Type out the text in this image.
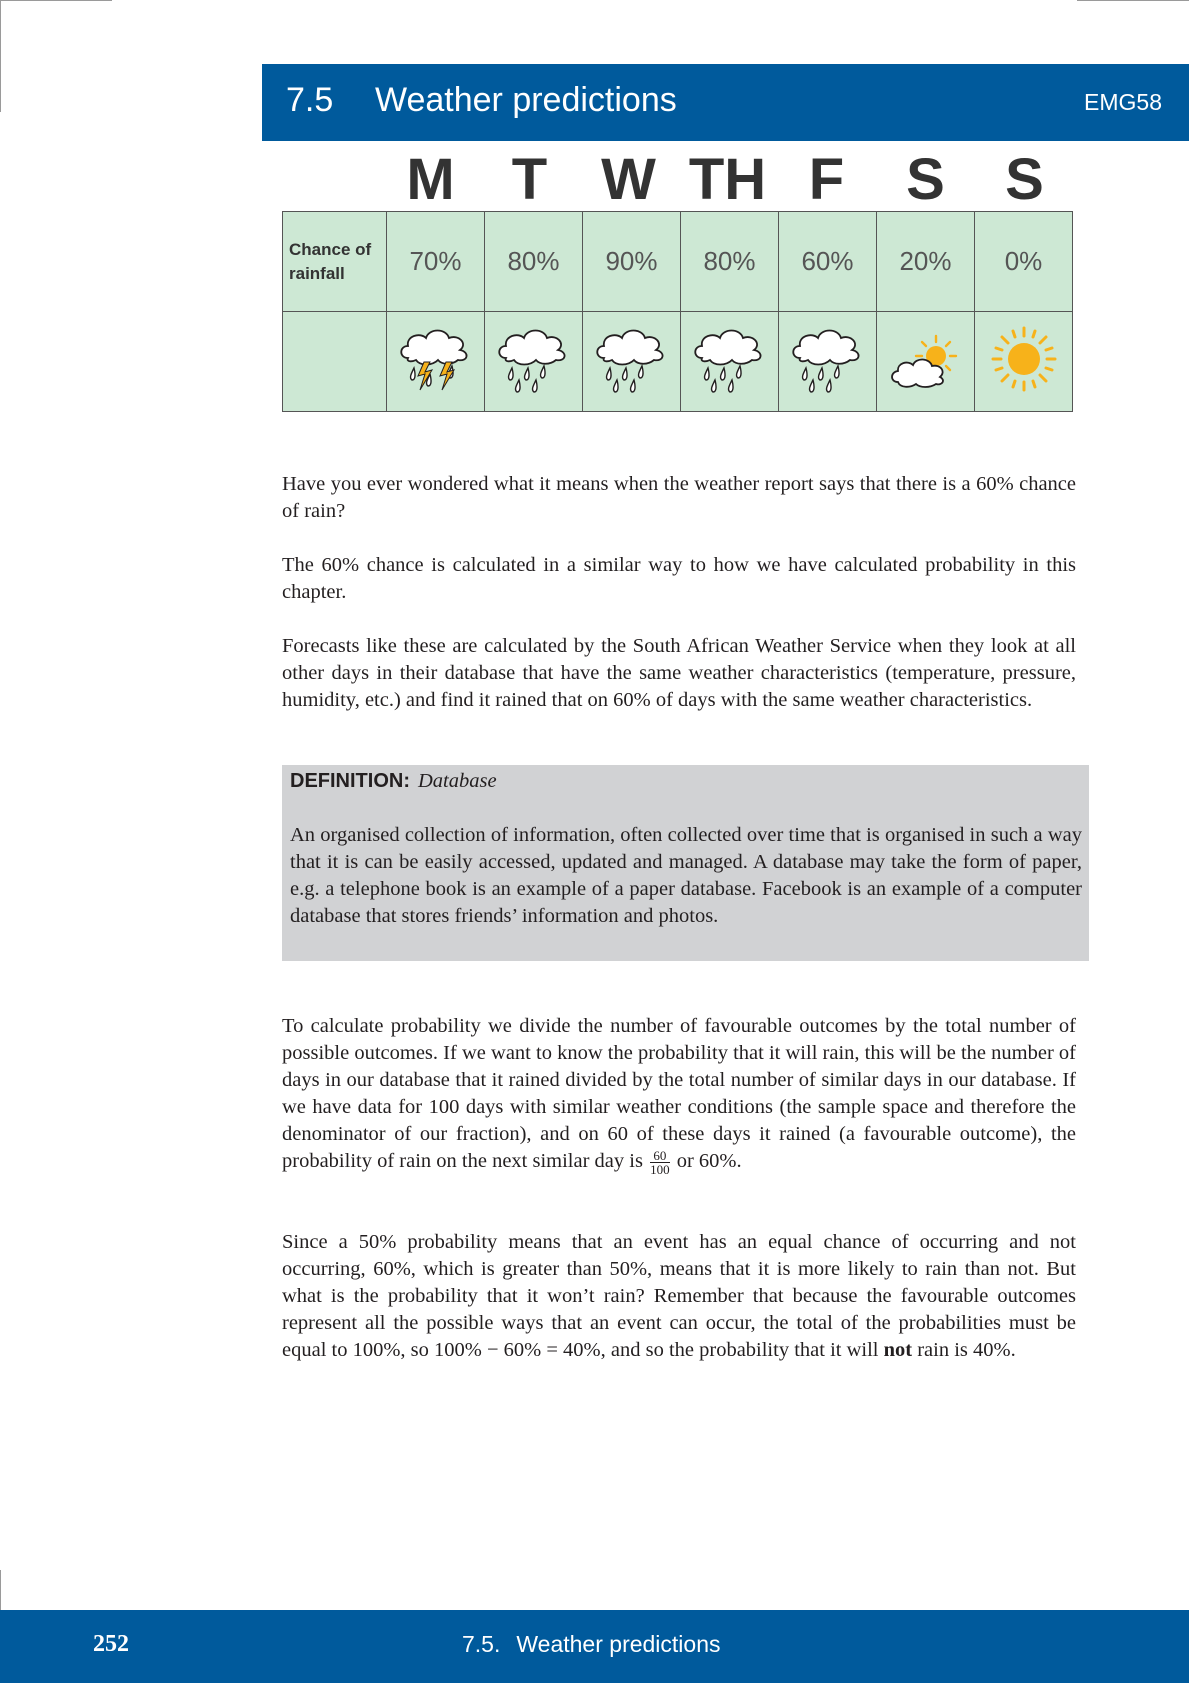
7.5 Weather predictions	EMG58
M T W TH F	S	S
Chance of rainfall	70%	80%	90%	80%	60%	20%	0%

Have you ever wondered what it means when the weather report says that there is a 60% chance of rain?

The 60% chance is calculated in a similar way to how we have calculated probability in this chapter.

Forecasts like these are calculated by the South African Weather Service when they look at all other days in their database that have the same weather characteristics (temperature, pressure, humidity, etc.) and find it rained that on 60% of days with the same weather characteristics.

DEFINITION: Database

An organised collection of information, often collected over time that is organised in such a way that it is can be easily accessed, updated and managed. A database may take the form of paper, e.g. a telephone book is an example of a paper database. Facebook is an example of a computer database that stores friends’ information and photos.

To calculate probability we divide the number of favourable outcomes by the total number of possible outcomes. If we want to know the probability that it will rain, this will be the number of days in our database that it rained divided by the total number of similar days in our database. If we have data for 100 days with similar weather conditions (the sample space and therefore the denominator of our fraction), and on 60 of these days it rained (a favourable outcome), the probability of rain on the next similar day is $\frac{60}{100}$ or 60%.

Since a 50% probability means that an event has an equal chance of occurring and not occurring, 60%, which is greater than 50%, means that it is more likely to rain than not. But what is the probability that it won’t rain? Remember that because the favourable outcomes represent all the possible ways that an event can occur, the total of the probabilities must be equal to 100%, so 100% − 60% = 40%, and so the probability that it will not rain is 40%.

252	7.5. Weather predictions
